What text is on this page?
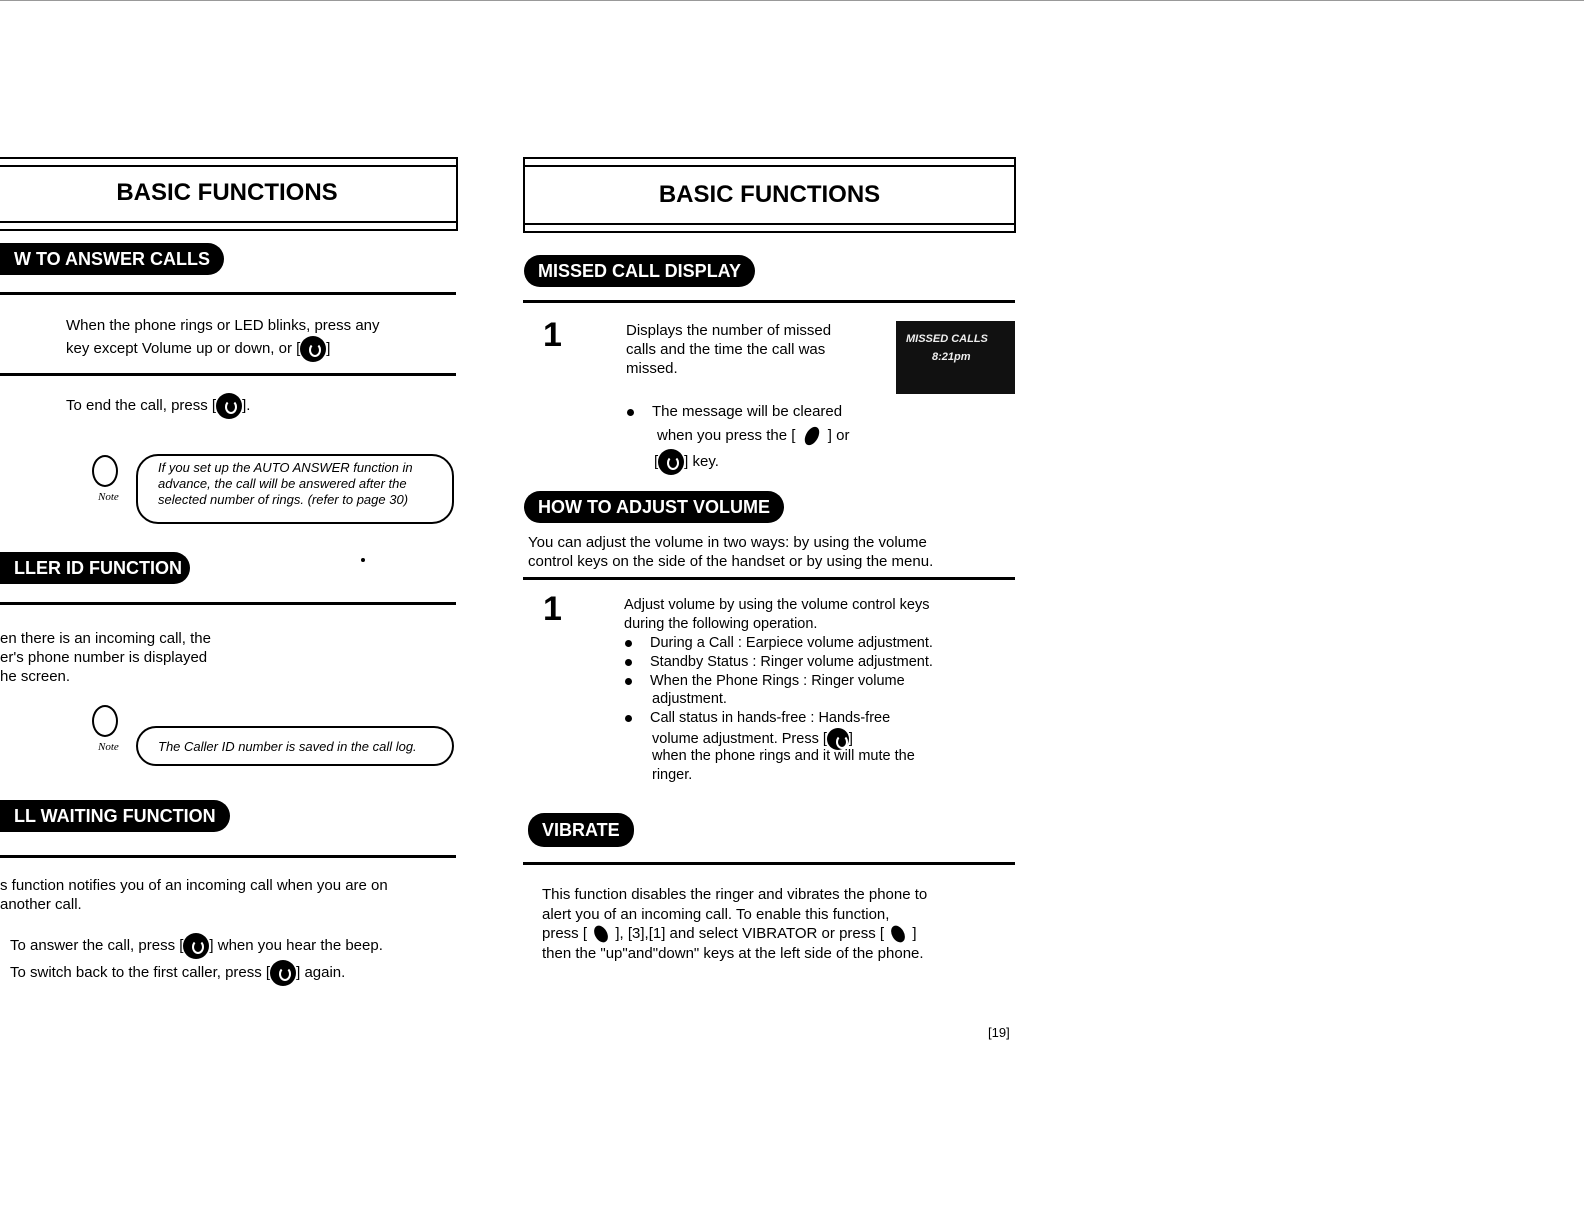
BASIC FUNCTIONS
W TO ANSWER CALLS
When the phone rings or LED blinks, press any
key except Volume up or down, or [ ]
To end the call, press [ ].
Note
If you set up the AUTO ANSWER function in
advance, the call will be answered after the
selected number of rings. (refer to page 30)
LLER ID FUNCTION
en there is an incoming call, the
er's phone number is displayed
he screen.
Note	The Caller ID number is saved in the call log.
LL WAITING FUNCTION
s function notifies you of an incoming call when you are on
another call.
To answer the call, press [ ] when you hear the beep.
To switch back to the first caller, press [ ] again.
BASIC FUNCTIONS
MISSED CALL DISPLAY
1	Displays the number of missed
calls and the time the call was
missed.
MISSED CALLS
8:21pm
The message will be cleared
when you press the [ ] or
[ ] key.
HOW TO ADJUST VOLUME
You can adjust the volume in two ways: by using the volume
control keys on the side of the handset or by using the menu.
1	Adjust volume by using the volume control keys
during the following operation.
During a Call : Earpiece volume adjustment.
Standby Status : Ringer volume adjustment.
When the Phone Rings : Ringer volume
adjustment.
Call status in hands-free : Hands-free
volume adjustment. Press [ ]
when the phone rings and it will mute the
ringer.
VIBRATE
This function disables the ringer and vibrates the phone to
alert you of an incoming call. To enable this function,
press [ ], [3],[1] and select VIBRATOR or press [ ]
then the "up"and"down" keys at the left side of the phone.
[19]
